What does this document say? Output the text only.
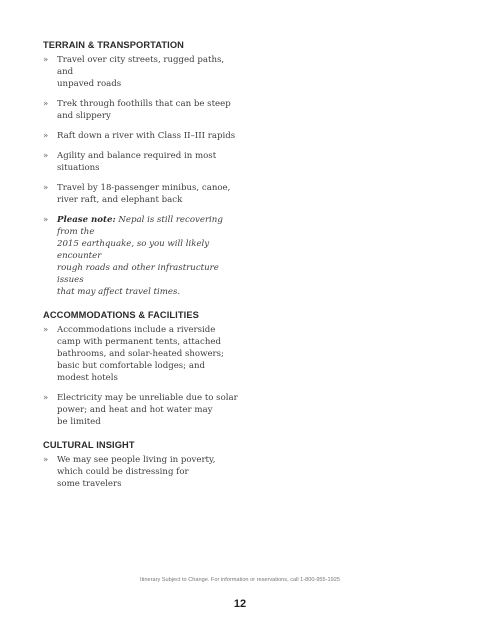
TERRAIN & TRANSPORTATION
» Travel over city streets, rugged paths, and
unpaved roads
» Trek through foothills that can be steep
and slippery
» Raft down a river with Class II–III rapids
» Agility and balance required in most
situations
» Travel by 18-passenger minibus, canoe,
river raft, and elephant back
» Please note: Nepal is still recovering from the
2015 earthquake, so you will likely encounter
rough roads and other infrastructure issues
that may affect travel times.
ACCOMMODATIONS & FACILITIES
» Accommodations include a riverside
camp with permanent tents, attached
bathrooms, and solar-heated showers;
basic but comfortable lodges; and
modest hotels
» Electricity may be unreliable due to solar
power; and heat and hot water may
be limited
CULTURAL INSIGHT
» We may see people living in poverty,
which could be distressing for
some travelers
Itinerary Subject to Change. For information or reservations, call 1-800-955-1925
12
